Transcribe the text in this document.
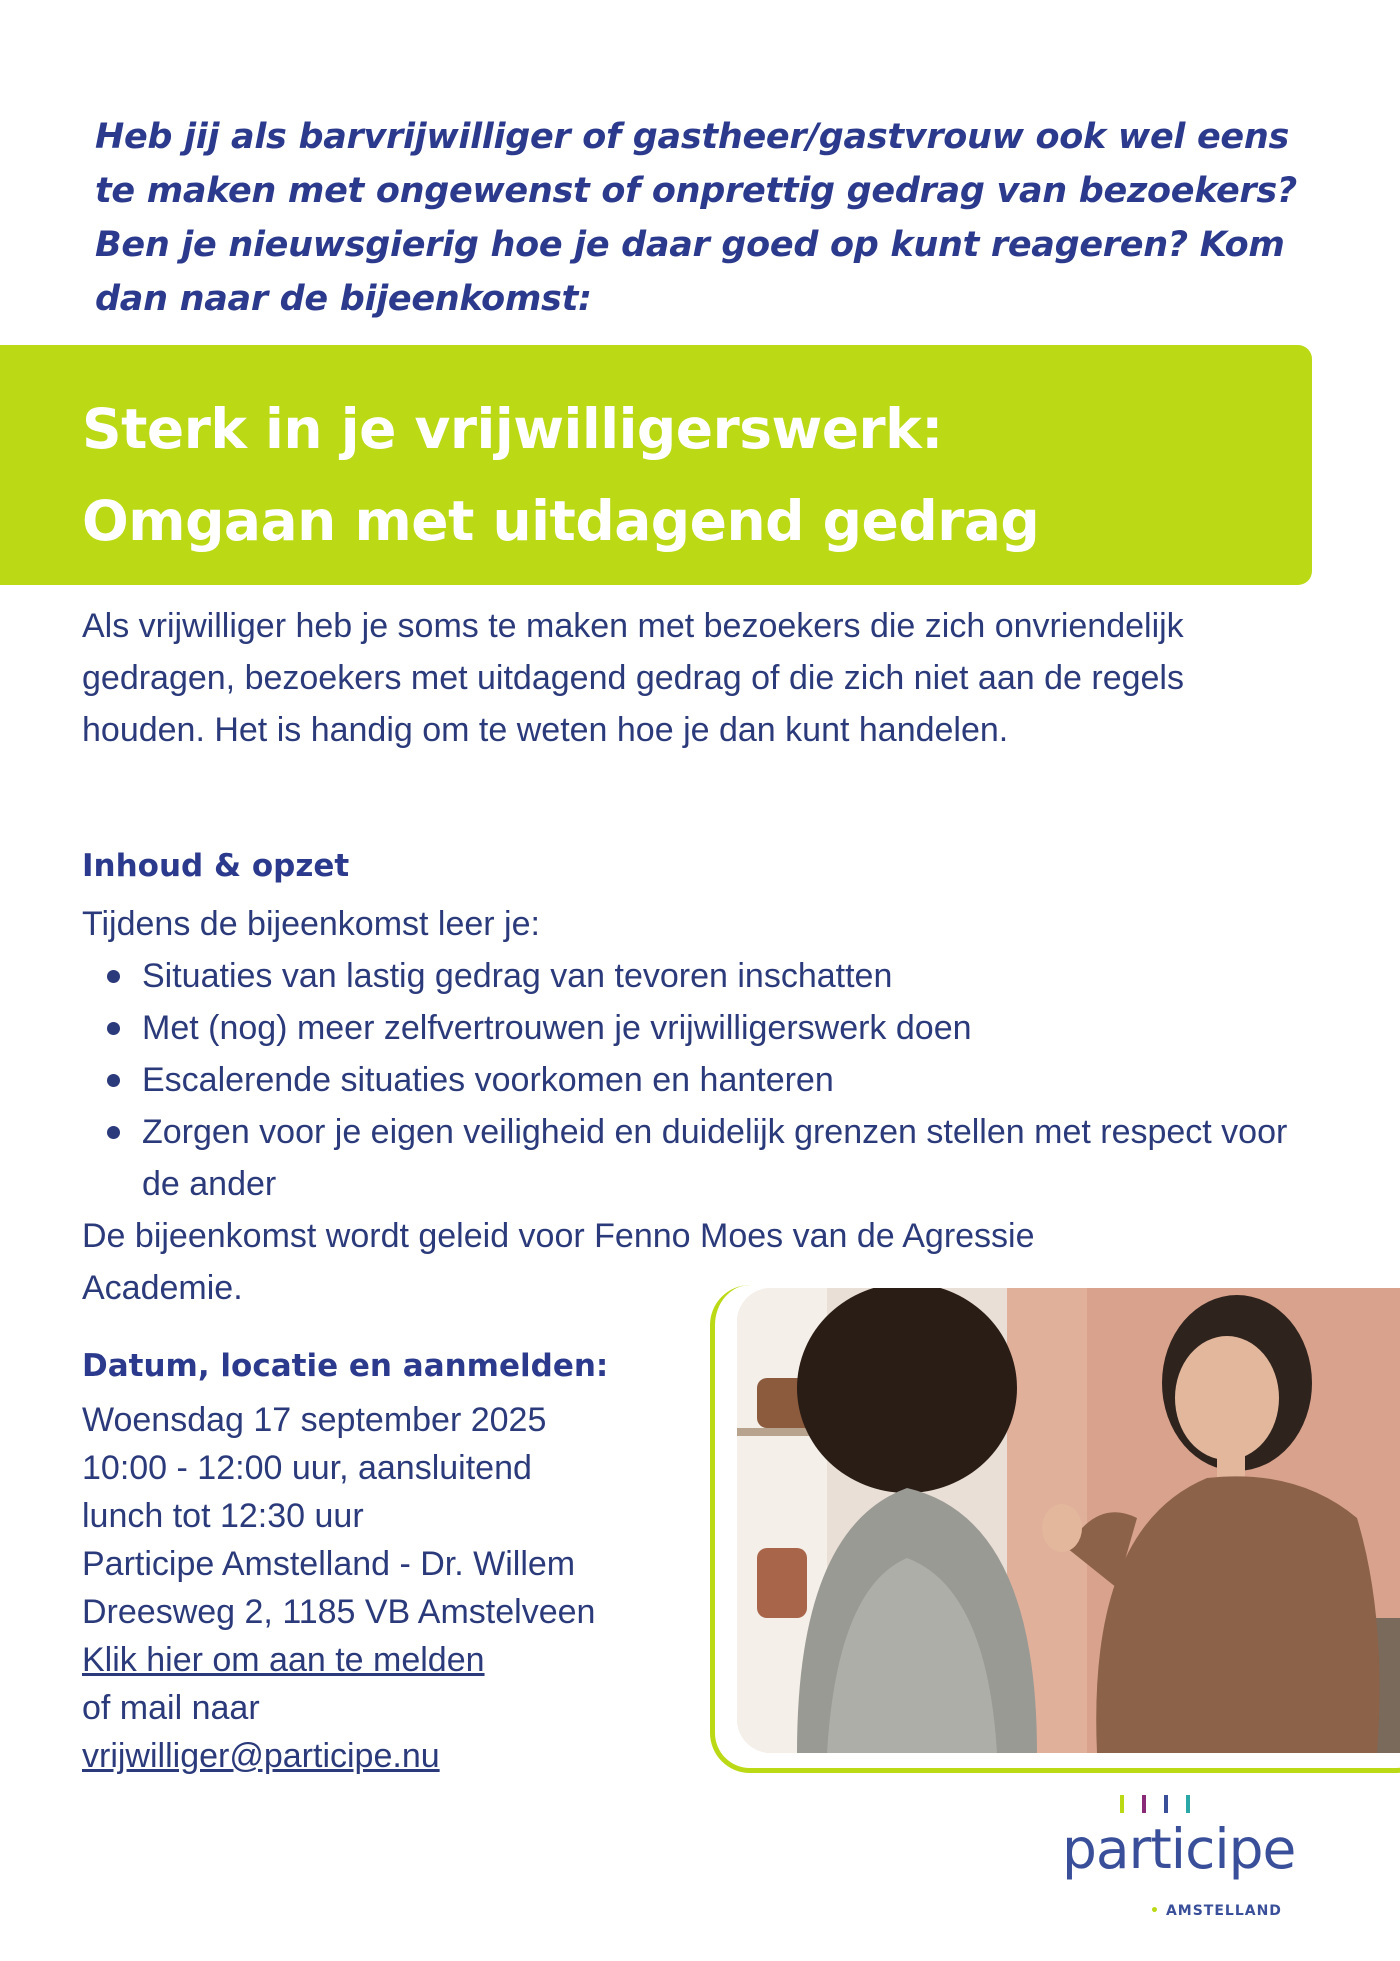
Heb jij als barvrijwilliger of gastheer/gastvrouw ook wel eens te maken met ongewenst of onprettig gedrag van bezoekers? Ben je nieuwsgierig hoe je daar goed op kunt reageren? Kom dan naar de bijeenkomst:
Sterk in je vrijwilligerswerk:
Omgaan met uitdagend gedrag
Als vrijwilliger heb je soms te maken met bezoekers die zich onvriendelijk gedragen, bezoekers met uitdagend gedrag of die zich niet aan de regels houden. Het is handig om te weten hoe je dan kunt handelen.
Inhoud & opzet
Tijdens de bijeenkomst leer je:
Situaties van lastig gedrag van tevoren inschatten
Met (nog) meer zelfvertrouwen je vrijwilligerswerk doen
Escalerende situaties voorkomen en hanteren
Zorgen voor je eigen veiligheid en duidelijk grenzen stellen met respect voor de ander
De bijeenkomst wordt geleid voor Fenno Moes van de Agressie Academie.
Datum, locatie en aanmelden:
Woensdag 17 september 2025
10:00 - 12:00 uur, aansluitend
lunch tot 12:30 uur
Participe Amstelland - Dr. Willem
Dreesweg 2, 1185 VB Amstelveen
Klik hier om aan te melden
of mail naar
vrijwilliger@participe.nu
participe
• AMSTELLAND
